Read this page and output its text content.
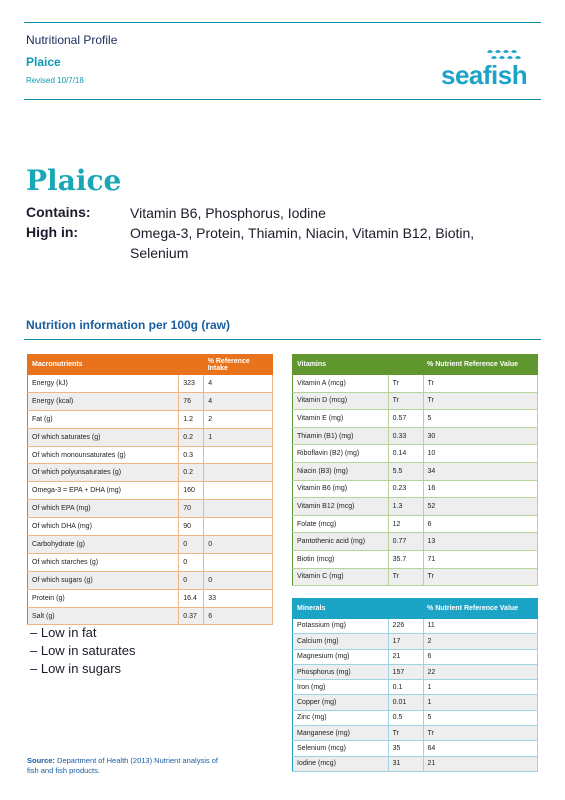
Nutritional Profile
Plaice
Revised 10/7/18	seafish
Plaice
Contains:	Vitamin B6, Phosphorus, Iodine
High in:	Omega-3, Protein, Thiamin, Niacin, Vitamin B12, Biotin, Selenium
Nutrition information per 100g (raw)
Macronutrients		% Reference Intake
Energy (kJ)	323	4
Energy (kcal)	76	4
Fat (g)	1.2	2
Of which saturates (g)	0.2	1
Of which monounsaturates (g)	0.3	
Of which polyunsaturates (g)	0.2	
Omega-3 = EPA + DHA (mg)	160	
Of which EPA (mg)	70	
Of which DHA (mg)	90	
Carbohydrate (g)	0	0
Of which starches (g)	0	
Of which sugars (g)	0	0
Protein (g)	16.4	33
Salt (g)	0.37	6
Vitamins		% Nutrient Reference Value
Vitamin A (mcg)	Tr	Tr
Vitamin D (mcg)	Tr	Tr
Vitamin E (mg)	0.57	5
Thiamin (B1) (mg)	0.33	30
Riboflavin (B2) (mg)	0.14	10
Niacin (B3) (mg)	5.5	34
Vitamin B6 (mg)	0.23	16
Vitamin B12 (mcg)	1.3	52
Folate (mcg)	12	6
Pantothenic acid (mg)	0.77	13
Biotin (mcg)	35.7	71
Vitamin C (mg)	Tr	Tr
Minerals		% Nutrient Reference Value
Potassium (mg)	226	11
Calcium (mg)	17	2
Magnesium (mg)	21	6
Phosphorus (mg)	157	22
Iron (mg)	0.1	1
Copper (mg)	0.01	1
Zinc (mg)	0.5	5
Manganese (mg)	Tr	Tr
Selenium (mcg)	35	64
Iodine (mcg)	31	21
– Low in fat
– Low in saturates
– Low in sugars
Source: Department of Health (2013) Nutrient analysis of fish and fish products.
